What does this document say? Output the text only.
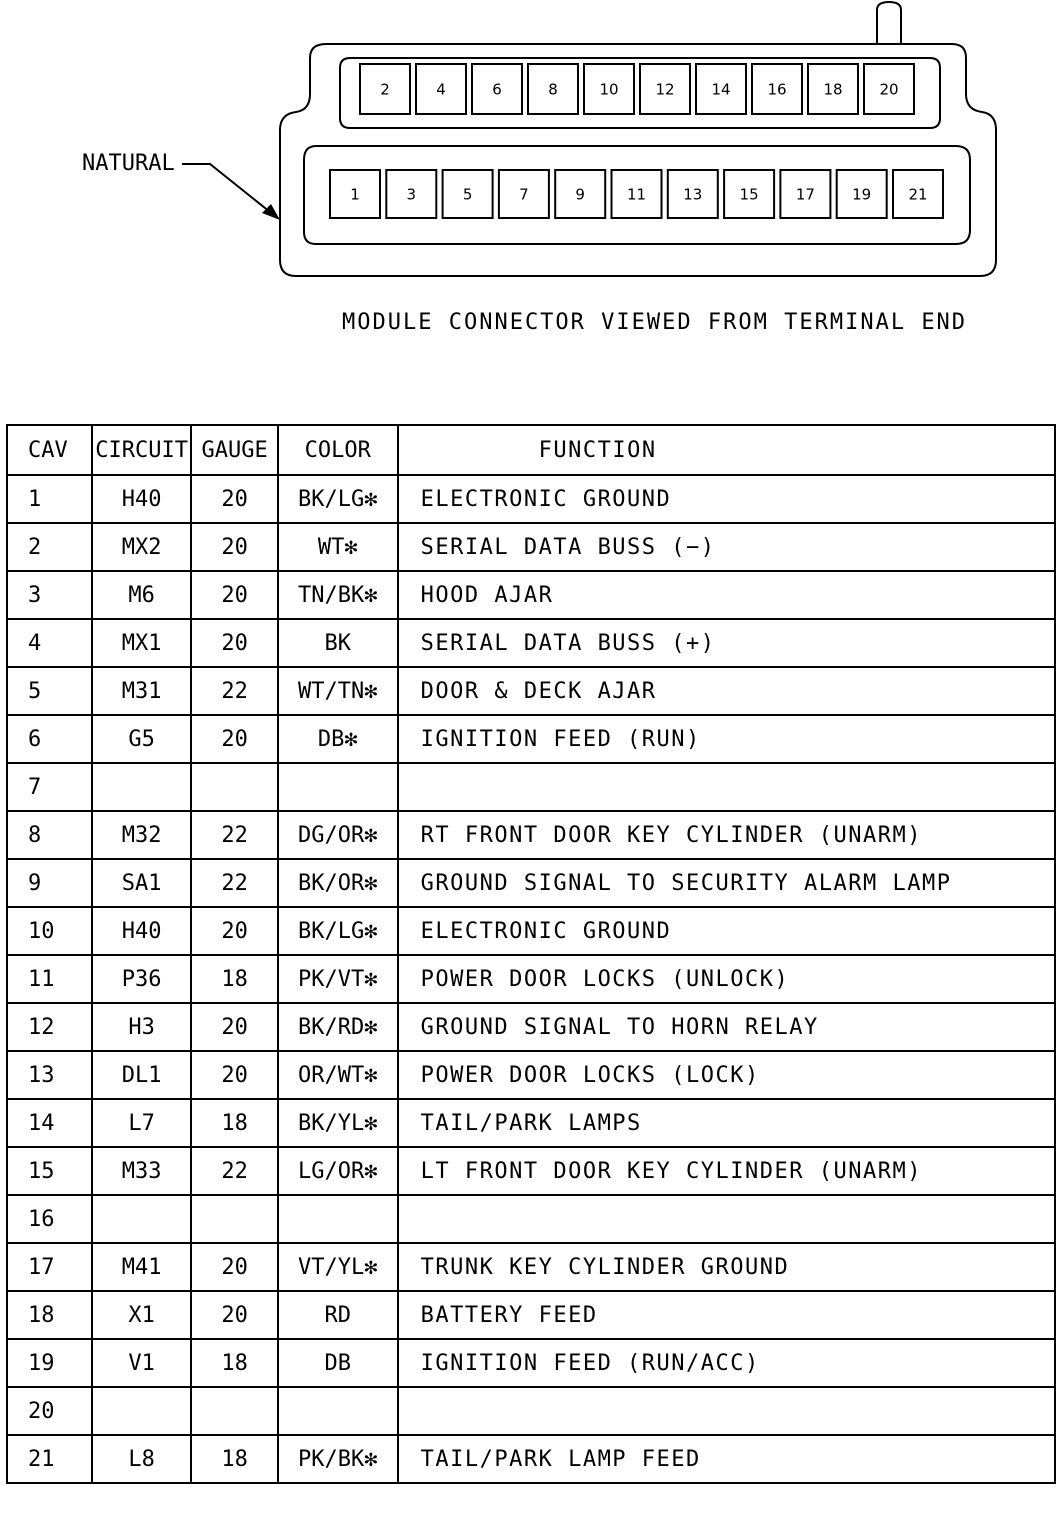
2	4	6	8	10 12 14 16 18 20
1	3	5	7	9	11 13 15 17 19 21
NATURAL
MODULE CONNECTOR VIEWED FROM TERMINAL END
CAV	CIRCUIT	GAUGE	COLOR	FUNCTION
1	H40	20	BK/LG✻	ELECTRONIC GROUND
2	MX2	20	WT✻	SERIAL DATA BUSS (−)
3	M6	20	TN/BK✻	HOOD AJAR
4	MX1	20	BK	SERIAL DATA BUSS (+)
5	M31	22	WT/TN✻	DOOR & DECK AJAR
6	G5	20	DB✻	IGNITION FEED (RUN)
7				
8	M32	22	DG/OR✻	RT FRONT DOOR KEY CYLINDER (UNARM)
9	SA1	22	BK/OR✻	GROUND SIGNAL TO SECURITY ALARM LAMP
10	H40	20	BK/LG✻	ELECTRONIC GROUND
11	P36	18	PK/VT✻	POWER DOOR LOCKS (UNLOCK)
12	H3	20	BK/RD✻	GROUND SIGNAL TO HORN RELAY
13	DL1	20	OR/WT✻	POWER DOOR LOCKS (LOCK)
14	L7	18	BK/YL✻	TAIL/PARK LAMPS
15	M33	22	LG/OR✻	LT FRONT DOOR KEY CYLINDER (UNARM)
16				
17	M41	20	VT/YL✻	TRUNK KEY CYLINDER GROUND
18	X1	20	RD	BATTERY FEED
19	V1	18	DB	IGNITION FEED (RUN/ACC)
20				
21	L8	18	PK/BK✻	TAIL/PARK LAMP FEED
